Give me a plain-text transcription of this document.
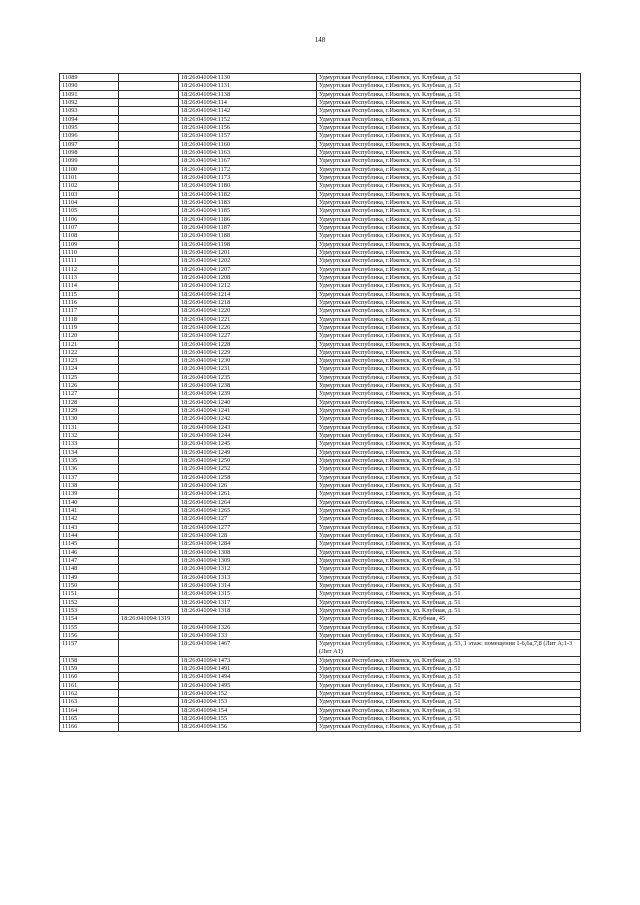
148
11089		18:26:041094:1130	Удмуртская Республика, г.Ижевск, ул. Клубная, д. 51
11090		18:26:041094:1131	Удмуртская Республика, г.Ижевск, ул. Клубная, д. 51
11091		18:26:041094:1138	Удмуртская Республика, г.Ижевск, ул. Клубная, д. 51
11092		18:26:041094:114	Удмуртская Республика, г.Ижевск, ул. Клубная, д. 51
11093		18:26:041094:1142	Удмуртская Республика, г.Ижевск, ул. Клубная, д. 51
11094		18:26:041094:1152	Удмуртская Республика, г.Ижевск, ул. Клубная, д. 51
11095		18:26:041094:1156	Удмуртская Республика, г.Ижевск, ул. Клубная, д. 51
11096		18:26:041094:1157	Удмуртская Республика, г.Ижевск, ул. Клубная, д. 51
11097		18:26:041094:1160	Удмуртская Республика, г.Ижевск, ул. Клубная, д. 51
11098		18:26:041094:1163	Удмуртская Республика, г.Ижевск, ул. Клубная, д. 51
11099		18:26:041094:1167	Удмуртская Республика, г.Ижевск, ул. Клубная, д. 51
11100		18:26:041094:1172	Удмуртская Республика, г.Ижевск, ул. Клубная, д. 51
11101		18:26:041094:1173	Удмуртская Республика, г.Ижевск, ул. Клубная, д. 51
11102		18:26:041094:1180	Удмуртская Республика, г.Ижевск, ул. Клубная, д. 51
11103		18:26:041094:1182	Удмуртская Республика, г.Ижевск, ул. Клубная, д. 51
11104		18:26:041094:1183	Удмуртская Республика, г.Ижевск, ул. Клубная, д. 51
11105		18:26:041094:1185	Удмуртская Республика, г.Ижевск, ул. Клубная, д. 51
11106		18:26:041094:1186	Удмуртская Республика, г.Ижевск, ул. Клубная, д. 51
11107		18:26:041094:1187	Удмуртская Республика, г.Ижевск, ул. Клубная, д. 51
11108		18:26:041094:1188	Удмуртская Республика, г.Ижевск, ул. Клубная, д. 51
11109		18:26:041094:1198	Удмуртская Республика, г.Ижевск, ул. Клубная, д. 51
11110		18:26:041094:1201	Удмуртская Республика, г.Ижевск, ул. Клубная, д. 51
11111		18:26:041094:1202	Удмуртская Республика, г.Ижевск, ул. Клубная, д. 51
11112		18:26:041094:1207	Удмуртская Республика, г.Ижевск, ул. Клубная, д. 51
11113		18:26:041094:1208	Удмуртская Республика, г.Ижевск, ул. Клубная, д. 51
11114		18:26:041094:1212	Удмуртская Республика, г.Ижевск, ул. Клубная, д. 51
11115		18:26:041094:1214	Удмуртская Республика, г.Ижевск, ул. Клубная, д. 51
11116		18:26:041094:1218	Удмуртская Республика, г.Ижевск, ул. Клубная, д. 51
11117		18:26:041094:1220	Удмуртская Республика, г.Ижевск, ул. Клубная, д. 51
11118		18:26:041094:1221	Удмуртская Республика, г.Ижевск, ул. Клубная, д. 51
11119		18:26:041094:1226	Удмуртская Республика, г.Ижевск, ул. Клубная, д. 51
11120		18:26:041094:1227	Удмуртская Республика, г.Ижевск, ул. Клубная, д. 51
11121		18:26:041094:1228	Удмуртская Республика, г.Ижевск, ул. Клубная, д. 51
11122		18:26:041094:1229	Удмуртская Республика, г.Ижевск, ул. Клубная, д. 51
11123		18:26:041094:1230	Удмуртская Республика, г.Ижевск, ул. Клубная, д. 51
11124		18:26:041094:1231	Удмуртская Республика, г.Ижевск, ул. Клубная, д. 51
11125		18:26:041094:1235	Удмуртская Республика, г.Ижевск, ул. Клубная, д. 51
11126		18:26:041094:1238	Удмуртская Республика, г.Ижевск, ул. Клубная, д. 51
11127		18:26:041094:1239	Удмуртская Республика, г.Ижевск, ул. Клубная, д. 51
11128		18:26:041094:1240	Удмуртская Республика, г.Ижевск, ул. Клубная, д. 51
11129		18:26:041094:1241	Удмуртская Республика, г.Ижевск, ул. Клубная, д. 51
11130		18:26:041094:1242	Удмуртская Республика, г.Ижевск, ул. Клубная, д. 51
11131		18:26:041094:1243	Удмуртская Республика, г.Ижевск, ул. Клубная, д. 51
11132		18:26:041094:1244	Удмуртская Республика, г.Ижевск, ул. Клубная, д. 51
11133		18:26:041094:1245	Удмуртская Республика, г.Ижевск, ул. Клубная, д. 51
11134		18:26:041094:1249	Удмуртская Республика, г.Ижевск, ул. Клубная, д. 51
11135		18:26:041094:1250	Удмуртская Республика, г.Ижевск, ул. Клубная, д. 51
11136		18:26:041094:1252	Удмуртская Республика, г.Ижевск, ул. Клубная, д. 51
11137		18:26:041094:1258	Удмуртская Республика, г.Ижевск, ул. Клубная, д. 51
11138		18:26:041094:126	Удмуртская Республика, г.Ижевск, ул. Клубная, д. 51
11139		18:26:041094:1261	Удмуртская Республика, г.Ижевск, ул. Клубная, д. 51
11140		18:26:041094:1264	Удмуртская Республика, г.Ижевск, ул. Клубная, д. 51
11141		18:26:041094:1265	Удмуртская Республика, г.Ижевск, ул. Клубная, д. 51
11142		18:26:041094:127	Удмуртская Республика, г.Ижевск, ул. Клубная, д. 51
11143		18:26:041094:1277	Удмуртская Республика, г.Ижевск, ул. Клубная, д. 51
11144		18:26:041094:128	Удмуртская Республика, г.Ижевск, ул. Клубная, д. 51
11145		18:26:041094:1284	Удмуртская Республика, г.Ижевск, ул. Клубная, д. 51
11146		18:26:041094:1308	Удмуртская Республика, г.Ижевск, ул. Клубная, д. 51
11147		18:26:041094:1309	Удмуртская Республика, г.Ижевск, ул. Клубная, д. 51
11148		18:26:041094:1312	Удмуртская Республика, г.Ижевск, ул. Клубная, д. 51
11149		18:26:041094:1313	Удмуртская Республика, г.Ижевск, ул. Клубная, д. 51
11150		18:26:041094:1314	Удмуртская Республика, г.Ижевск, ул. Клубная, д. 51
11151		18:26:041094:1315	Удмуртская Республика, г.Ижевск, ул. Клубная, д. 51
11152		18:26:041094:1317	Удмуртская Республика, г.Ижевск, ул. Клубная, д. 51
11153		18:26:041094:1318	Удмуртская Республика, г.Ижевск, ул. Клубная, д. 51
11154	18:26:041094:1319		Удмуртская Республика, г.Ижевск, Клубная, 45
11155		18:26:041094:1326	Удмуртская Республика, г.Ижевск, ул. Клубная, д. 51
11156		18:26:041094:133	Удмуртская Республика, г.Ижевск, ул. Клубная, д. 51
11157		18:26:041094:1467	Удмуртская Республика, г.Ижевск, ул. Клубная, д. 53, 1 этаж: помещения 1-6,6а,7,8 (Лит А;1-3 (Лит А1)
11158		18:26:041094:1473	Удмуртская Республика, г.Ижевск, ул. Клубная, д. 51
11159		18:26:041094:1491	Удмуртская Республика, г.Ижевск, ул. Клубная, д. 51
11160		18:26:041094:1494	Удмуртская Республика, г.Ижевск, ул. Клубная, д. 51
11161		18:26:041094:1495	Удмуртская Республика, г.Ижевск, ул. Клубная, д. 51
11162		18:26:041094:152	Удмуртская Республика, г.Ижевск, ул. Клубная, д. 51
11163		18:26:041094:153	Удмуртская Республика, г.Ижевск, ул. Клубная, д. 51
11164		18:26:041094:154	Удмуртская Республика, г.Ижевск, ул. Клубная, д. 51
11165		18:26:041094:155	Удмуртская Республика, г.Ижевск, ул. Клубная, д. 51
11166		18:26:041094:156	Удмуртская Республика, г.Ижевск, ул. Клубная, д. 51
